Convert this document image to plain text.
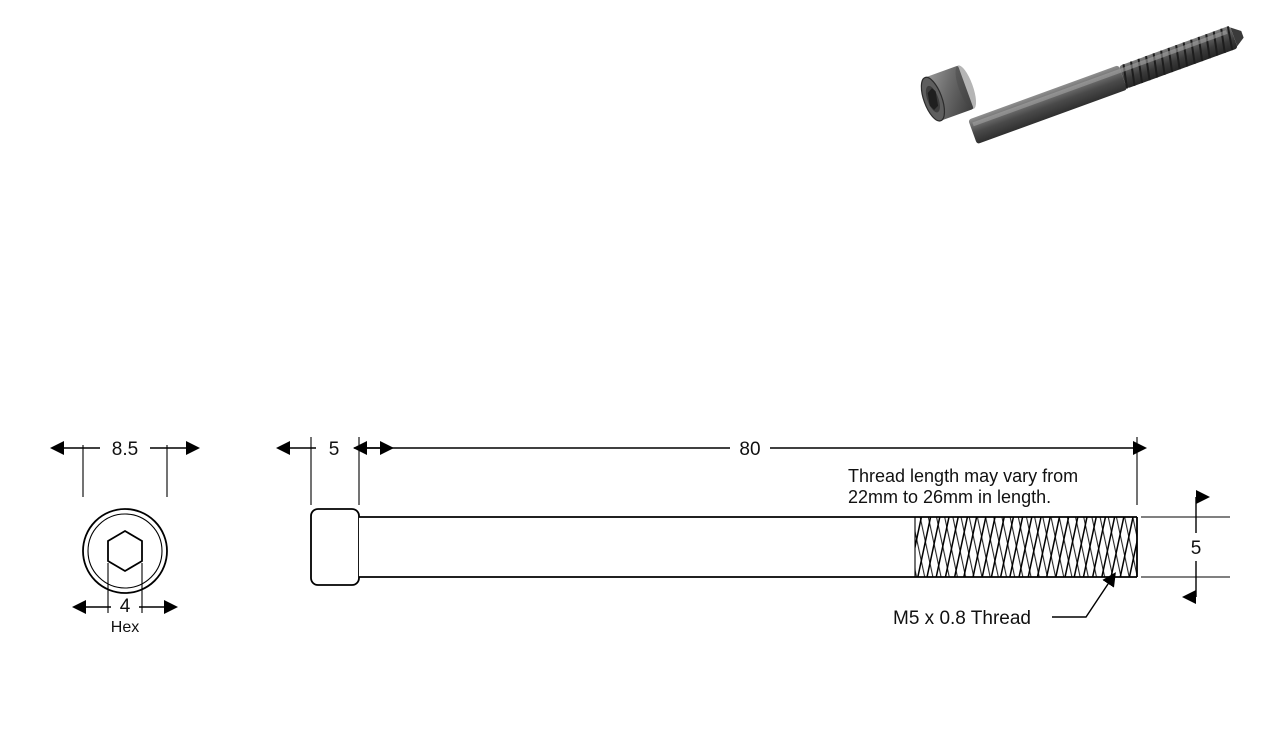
8.5
4
Hex
5	80
5
Thread length may vary from
22mm to 26mm in length.
M5 x 0.8 Thread
